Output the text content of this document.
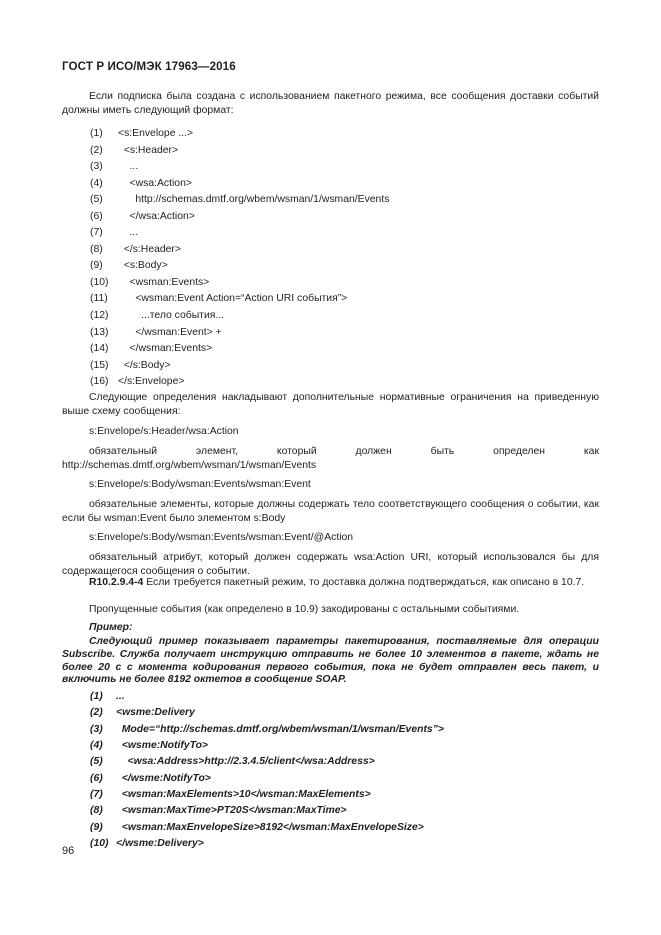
ГОСТ Р ИСО/МЭК 17963—2016
Если подписка была создана с использованием пакетного режима, все сообщения доставки событий должны иметь следующий формат:
(1) <s:Envelope ...>
(2)  <s:Header>
(3)    ...
(4)    <wsa:Action>
(5)      http://schemas.dmtf.org/wbem/wsman/1/wsman/Events
(6)    </wsa:Action>
(7)    ...
(8)  </s:Header>
(9)  <s:Body>
(10)    <wsman:Events>
(11)      <wsman:Event Action=“Action URI события”>
(12)        ...тело события...
(13)      </wsman:Event> +
(14)    </wsman:Events>
(15)  </s:Body>
(16) </s:Envelope>
Следующие определения накладывают дополнительные нормативные ограничения на приведенную выше схему сообщения:
s:Envelope/s:Header/wsa:Action
обязательный элемент, который должен быть определен как http://schemas.dmtf.org/wbem/wsman/1/wsman/Events
s:Envelope/s:Body/wsman:Events/wsman:Event
обязательные элементы, которые должны содержать тело соответствующего сообщения о событии, как если бы wsman:Event было элементом s:Body
s:Envelope/s:Body/wsman:Events/wsman:Event/@Action
обязательный атрибут, который должен содержать wsa:Action URI, который использовался бы для содержащегося сообщения о событии.
R10.2.9.4-4 Если требуется пакетный режим, то доставка должна подтверждаться, как описано в 10.7.
Пропущенные события (как определено в 10.9) закодированы с остальными событиями.
Пример:
Следующий пример показывает параметры пакетирования, поставляемые для операции Subscribe. Служба получает инструкцию отправить не более 10 элементов в пакете, ждать не более 20 с с момента кодирования первого события, пока не будет отправлен весь пакет, и включить не более 8192 октетов в сообщение SOAP.
(1) ...
(2) <wsme:Delivery
(3)  Mode=“http://schemas.dmtf.org/wbem/wsman/1/wsman/Events”>
(4)  <wsme:NotifyTo>
(5)    <wsa:Address>http://2.3.4.5/client</wsa:Address>
(6)  </wsme:NotifyTo>
(7)  <wsman:MaxElements>10</wsman:MaxElements>
(8)  <wsman:MaxTime>PT20S</wsman:MaxTime>
(9)  <wsman:MaxEnvelopeSize>8192</wsman:MaxEnvelopeSize>
(10) </wsme:Delivery>
96
